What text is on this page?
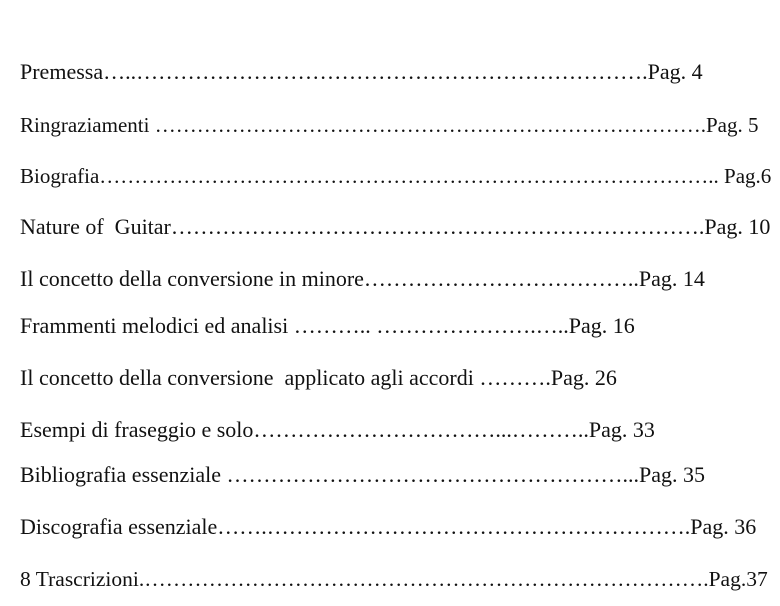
Premessa…..…………………………………………………………….Pag. 4

Ringraziamenti …………………………………………………………………….Pag. 5

Biografia…………………………………………………………………………….. Pag.6

Nature of  Guitar……………………………………………………………….Pag. 10

Il concetto della conversione in minore………………………………..Pag. 14

Frammenti melodici ed analisi ……….. ………………….…..Pag. 16

Il concetto della conversione  applicato agli accordi ……….Pag. 26

Esempi di fraseggio e solo……………………………...………..Pag. 33

Bibliografia essenziale ………………………………………………...Pag. 35

Discografia essenziale…….………………………………………………….Pag. 36

8 Trascrizioni.…………………………………………………………………….Pag.37
